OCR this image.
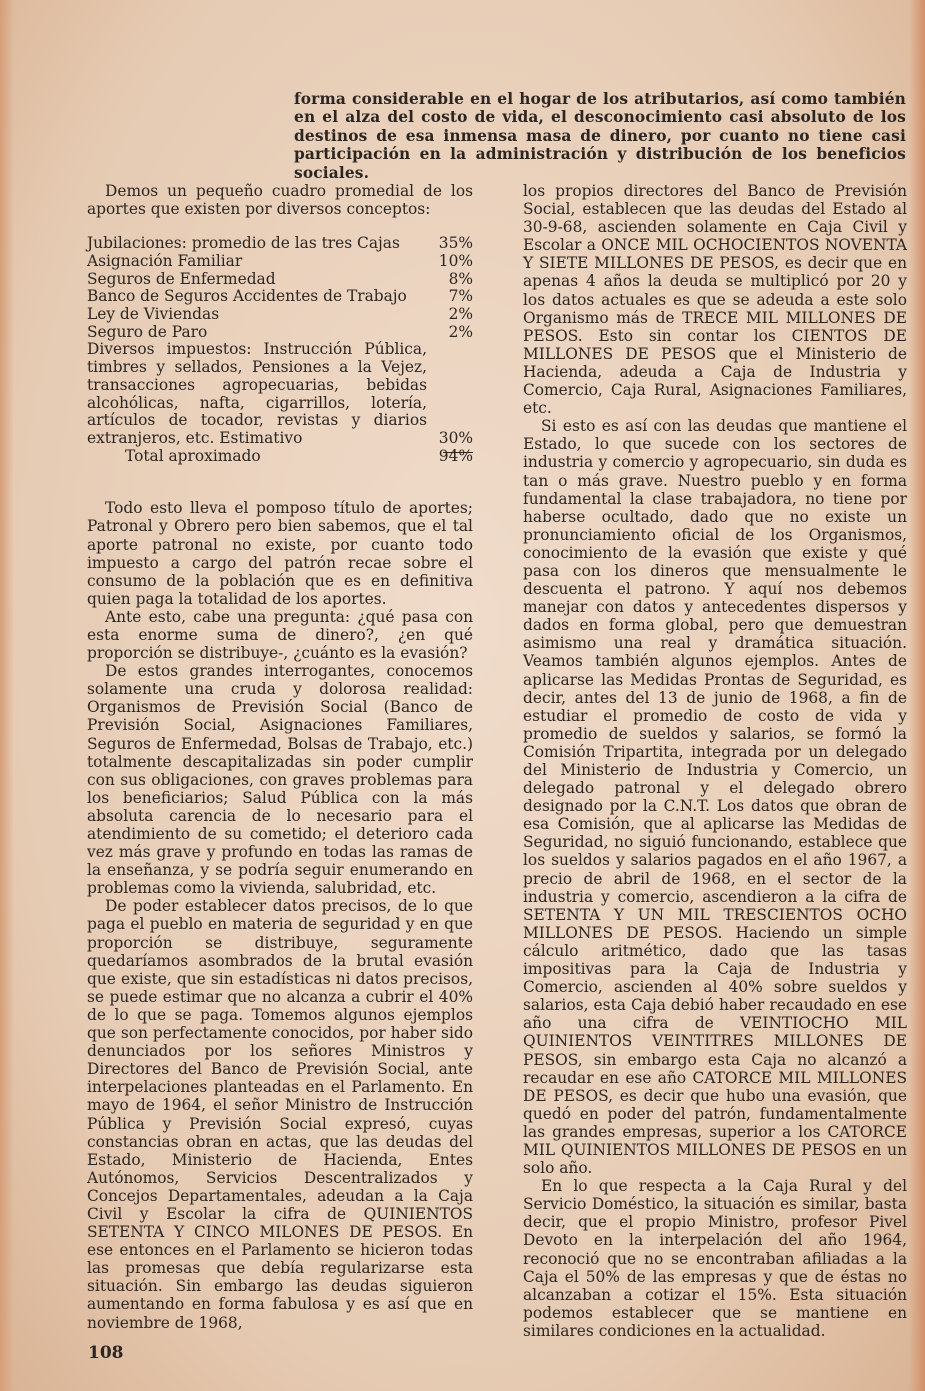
forma considerable en el hogar de los atributarios, así como también en el alza del costo de vida, el desconocimiento casi absoluto de los destinos de esa inmensa masa de dinero, por cuanto no tiene casi participación en la administración y distribución de los beneficios sociales.

Demos un pequeño cuadro promedial de los aportes que existen por diversos conceptos:

Jubilaciones: promedio de las tres Cajas	35%
Asignación Familiar	10%
Seguros de Enfermedad	8%
Banco de Seguros Accidentes de Trabajo	7%
Ley de Viviendas	2%
Seguro de Paro	2%
Diversos impuestos: Instrucción Pública, timbres y sellados, Pensiones a la Vejez, transacciones agropecuarias, bebidas alcohólicas, nafta, cigarrillos, lotería, artículos de tocador, revistas y diarios extranjeros, etc. Estimativo	30%
Total aproximado	94%

Todo esto lleva el pomposo título de aportes; Patronal y Obrero pero bien sabemos, que el tal aporte patronal no existe, por cuanto todo impuesto a cargo del patrón recae sobre el consumo de la población que es en definitiva quien paga la totalidad de los aportes.

Ante esto, cabe una pregunta: ¿qué pasa con esta enorme suma de dinero?, ¿en qué proporción se distribuye-, ¿cuánto es la evasión?

De estos grandes interrogantes, conocemos solamente una cruda y dolorosa realidad: Organismos de Previsión Social (Banco de Previsión Social, Asignaciones Familiares, Seguros de Enfermedad, Bolsas de Trabajo, etc.) totalmente descapitalizadas sin poder cumplir con sus obligaciones, con graves problemas para los beneficiarios; Salud Pública con la más absoluta carencia de lo necesario para el atendimiento de su cometido; el deterioro cada vez más grave y profundo en todas las ramas de la enseñanza, y se podría seguir enumerando en problemas como la vivienda, salubridad, etc.

De poder establecer datos precisos, de lo que paga el pueblo en materia de seguridad y en que proporción se distribuye, seguramente quedaríamos asombrados de la brutal evasión que existe, que sin estadísticas ni datos precisos, se puede estimar que no alcanza a cubrir el 40% de lo que se paga. Tomemos algunos ejemplos que son perfectamente conocidos, por haber sido denunciados por los señores Ministros y Directores del Banco de Previsión Social, ante interpelaciones planteadas en el Parlamento. En mayo de 1964, el señor Ministro de Instrucción Pública y Previsión Social expresó, cuyas constancias obran en actas, que las deudas del Estado, Ministerio de Hacienda, Entes Autónomos, Servicios Descentralizados y Concejos Departamentales, adeudan a la Caja Civil y Escolar la cifra de QUINIENTOS SETENTA Y CINCO MILONES DE PESOS. En ese entonces en el Parlamento se hicieron todas las promesas que debía regularizarse esta situación. Sin embargo las deudas siguieron aumentando en forma fabulosa y es así que en noviembre de 1968,

los propios directores del Banco de Previsión Social, establecen que las deudas del Estado al 30-9-68, ascienden solamente en Caja Civil y Escolar a ONCE MIL OCHOCIENTOS NOVENTA Y SIETE MILLONES DE PESOS, es decir que en apenas 4 años la deuda se multiplicó por 20 y los datos actuales es que se adeuda a este solo Organismo más de TRECE MIL MILLONES DE PESOS. Esto sin contar los CIENTOS DE MILLONES DE PESOS que el Ministerio de Hacienda, adeuda a Caja de Industria y Comercio, Caja Rural, Asignaciones Familiares, etc.

Si esto es así con las deudas que mantiene el Estado, lo que sucede con los sectores de industria y comercio y agropecuario, sin duda es tan o más grave. Nuestro pueblo y en forma fundamental la clase trabajadora, no tiene por haberse ocultado, dado que no existe un pronunciamiento oficial de los Organismos, conocimiento de la evasión que existe y qué pasa con los dineros que mensualmente le descuenta el patrono. Y aquí nos debemos manejar con datos y antecedentes dispersos y dados en forma global, pero que demuestran asimismo una real y dramática situación. Veamos también algunos ejemplos. Antes de aplicarse las Medidas Prontas de Seguridad, es decir, antes del 13 de junio de 1968, a fin de estudiar el promedio de costo de vida y promedio de sueldos y salarios, se formó la Comisión Tripartita, integrada por un delegado del Ministerio de Industria y Comercio, un delegado patronal y el delegado obrero designado por la C.N.T. Los datos que obran de esa Comisión, que al aplicarse las Medidas de Seguridad, no siguió funcionando, establece que los sueldos y salarios pagados en el año 1967, a precio de abril de 1968, en el sector de la industria y comercio, ascendieron a la cifra de SETENTA Y UN MIL TRESCIENTOS OCHO MILLONES DE PESOS. Haciendo un simple cálculo aritmético, dado que las tasas impositivas para la Caja de Industria y Comercio, ascienden al 40% sobre sueldos y salarios, esta Caja debió haber recaudado en ese año una cifra de VEINTIOCHO MIL QUINIENTOS VEINTITRES MILLONES DE PESOS, sin embargo esta Caja no alcanzó a recaudar en ese año CATORCE MIL MILLONES DE PESOS, es decir que hubo una evasión, que quedó en poder del patrón, fundamentalmente las grandes empresas, superior a los CATORCE MIL QUINIENTOS MILLONES DE PESOS en un solo año.

En lo que respecta a la Caja Rural y del Servicio Doméstico, la situación es similar, basta decir, que el propio Ministro, profesor Pivel Devoto en la interpelación del año 1964, reconoció que no se encontraban afiliadas a la Caja el 50% de las empresas y que de éstas no alcanzaban a cotizar el 15%. Esta situación podemos establecer que se mantiene en similares condiciones en la actualidad.

108
